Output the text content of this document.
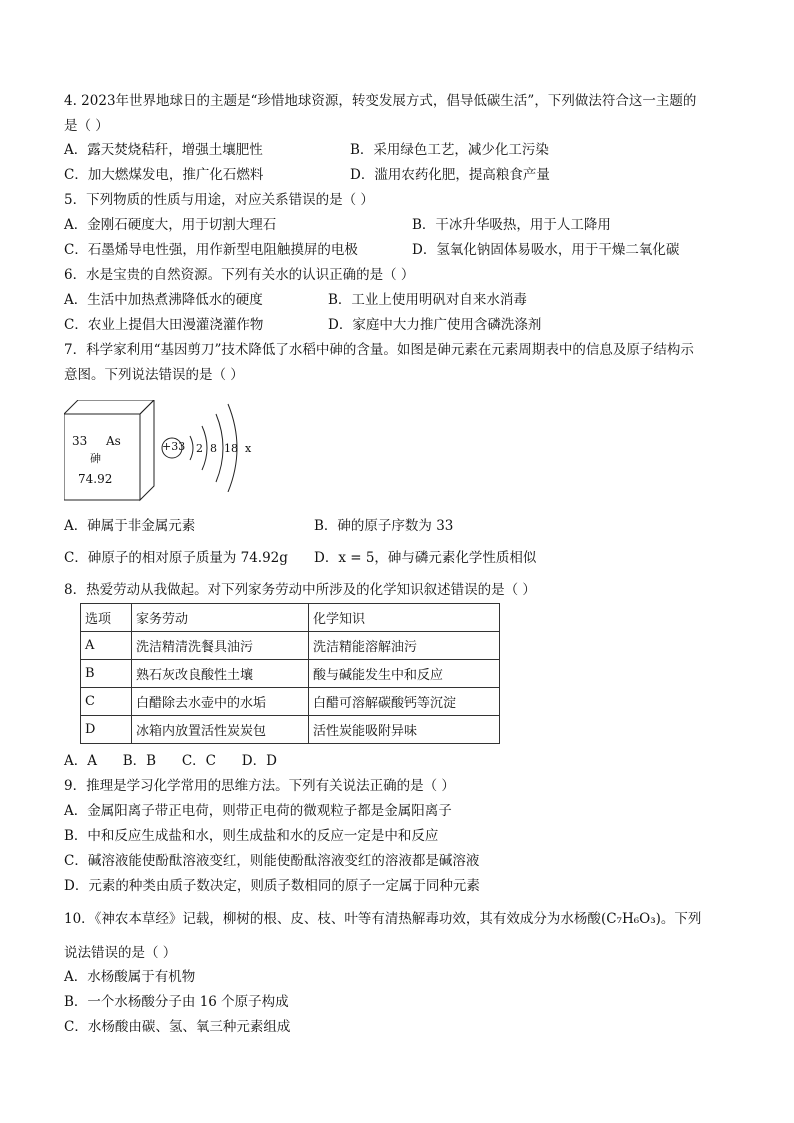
4. 2023年世界地球日的主题是“珍惜地球资源，转变发展方式，倡导低碳生活”，下列做法符合这一主题的
是（ ）
A．露天焚烧秸秆，增强土壤肥性	B．采用绿色工艺，减少化工污染
C．加大燃煤发电，推广化石燃料	D．滥用农药化肥，提高粮食产量
5．下列物质的性质与用途，对应关系错误的是（ ）
A．金刚石硬度大，用于切割大理石	B．干冰升华吸热，用于人工降用
C．石墨烯导电性强，用作新型电阻触摸屏的电极	D．氢氧化钠固体易吸水，用于干燥二氧化碳
6．水是宝贵的自然资源。下列有关水的认识正确的是（ ）
A．生活中加热煮沸降低水的硬度	B．工业上使用明矾对自来水消毒
C．农业上提倡大田漫灌浇灌作物	D．家庭中大力推广使用含磷洗涤剂
7．科学家利用“基因剪刀”技术降低了水稻中砷的含量。如图是砷元素在元素周期表中的信息及原子结构示
意图。下列说法错误的是（ ）
33 As
砷
74.92
+33 2  8  18  x
A．砷属于非金属元素	B．砷的原子序数为 33
C．砷原子的相对原子质量为 74.92g D．x = 5，砷与磷元素化学性质相似
8．热爱劳动从我做起。对下列家务劳动中所涉及的化学知识叙述错误的是（ ）
选项	家务劳动	化学知识
A	洗洁精清洗餐具油污	洗洁精能溶解油污
B	熟石灰改良酸性土壤	酸与碱能发生中和反应
C	白醋除去水壶中的水垢	白醋可溶解碳酸钙等沉淀
D	冰箱内放置活性炭炭包	活性炭能吸附异味
A．A      B．B      C．C      D．D
9．推理是学习化学常用的思维方法。下列有关说法正确的是（ ）
A．金属阳离子带正电荷，则带正电荷的微观粒子都是金属阳离子
B．中和反应生成盐和水，则生成盐和水的反应一定是中和反应
C．碱溶液能使酚酞溶液变红，则能使酚酞溶液变红的溶液都是碱溶液
D．元素的种类由质子数决定，则质子数相同的原子一定属于同种元素
10．《神农本草经》记载，柳树的根、皮、枝、叶等有清热解毒功效，其有效成分为水杨酸(C₇H₆O₃)。下列
说法错误的是（ ）
A．水杨酸属于有机物
B．一个水杨酸分子由 16 个原子构成
C．水杨酸由碳、氢、氧三种元素组成
